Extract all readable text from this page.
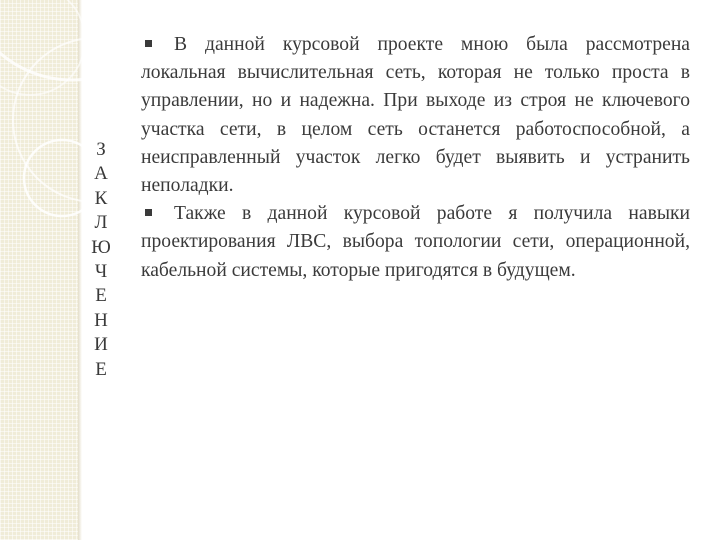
З
А
К
Л
Ю
Ч
Е
Н
И
Е

В данной курсовой проекте мною была рассмотрена локальная вычислительная сеть, которая не только проста в управлении, но и надежна. При выходе из строя не ключевого участка сети, в целом сеть останется работоспособной, а неисправленный участок легко будет выявить и устранить неполадки.

Также в данной курсовой работе я получила навыки проектирования ЛВС, выбора топологии сети, операционной, кабельной системы, которые пригодятся в будущем.
